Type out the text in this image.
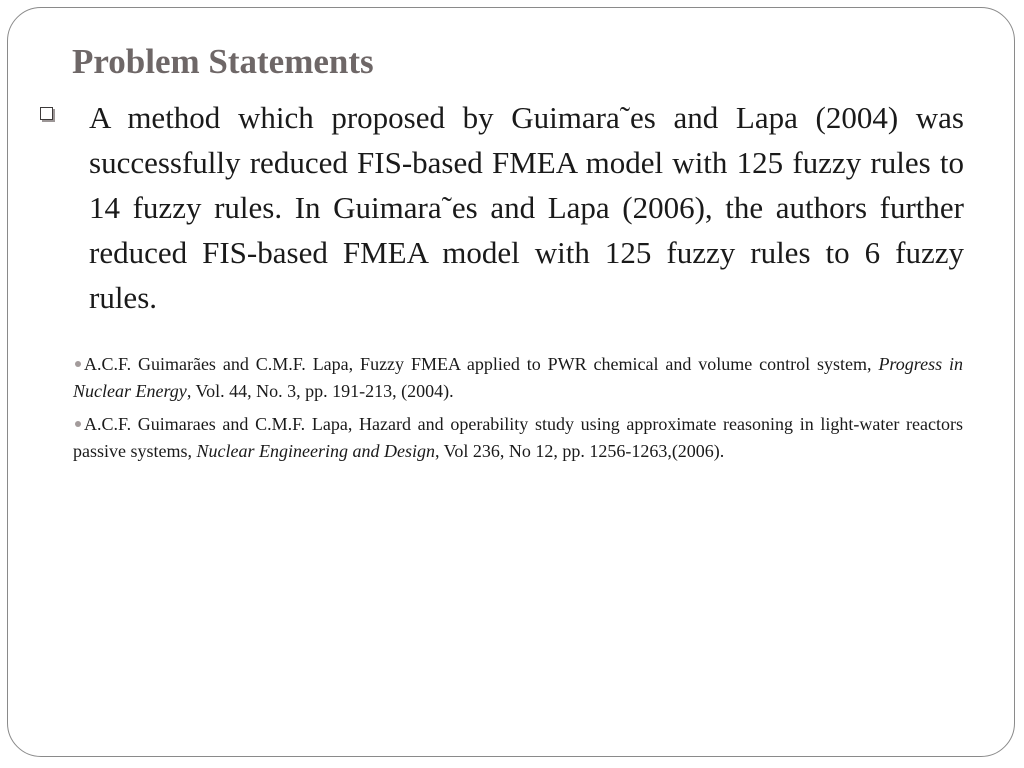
Problem Statements

A method which proposed by Guimara˜es and Lapa (2004) was successfully reduced FIS-based FMEA model with 125 fuzzy rules to 14 fuzzy rules. In Guimara˜es and Lapa (2006), the authors further reduced FIS-based FMEA model with 125 fuzzy rules to 6 fuzzy rules.

A.C.F. Guimarães and C.M.F. Lapa, Fuzzy FMEA applied to PWR chemical and volume control system, Progress in Nuclear Energy, Vol. 44, No. 3, pp. 191-213, (2004).

A.C.F. Guimaraes and C.M.F. Lapa, Hazard and operability study using approximate reasoning in light-water reactors passive systems, Nuclear Engineering and Design, Vol 236, No 12, pp. 1256-1263,(2006).
